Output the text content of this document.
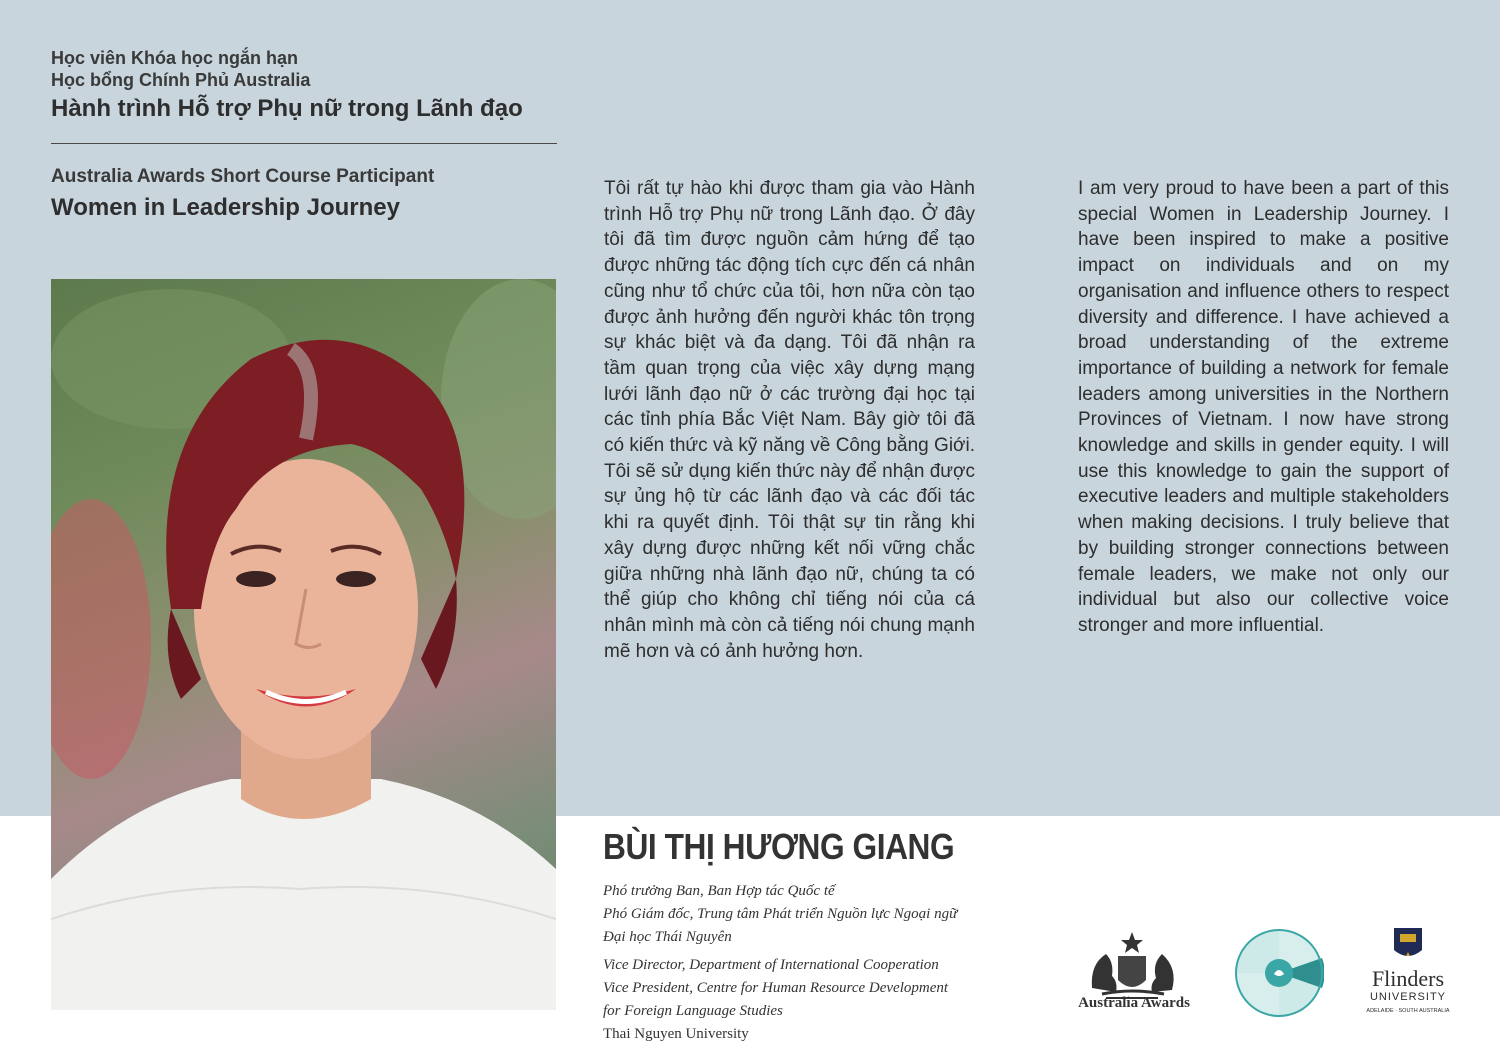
Học viên Khóa học ngắn hạn
Học bổng Chính Phủ Australia
Hành trình Hỗ trợ Phụ nữ trong Lãnh đạo
Australia Awards Short Course Participant
Women in Leadership Journey
Tôi rất tự hào khi được tham gia vào Hành trình Hỗ trợ Phụ nữ trong Lãnh đạo. Ở đây tôi đã tìm được nguồn cảm hứng để tạo được những tác động tích cực đến cá nhân cũng như tổ chức của tôi, hơn nữa còn tạo được ảnh hưởng đến người khác tôn trọng sự khác biệt và đa dạng. Tôi đã nhận ra tầm quan trọng của việc xây dựng mạng lưới lãnh đạo nữ ở các trường đại học tại các tỉnh phía Bắc Việt Nam. Bây giờ tôi đã có kiến thức và kỹ năng về Công bằng Giới. Tôi sẽ sử dụng kiến thức này để nhận được sự ủng hộ từ các lãnh đạo và các đối tác khi ra quyết định. Tôi thật sự tin rằng khi xây dựng được những kết nối vững chắc giữa những nhà lãnh đạo nữ, chúng ta có thể giúp cho không chỉ tiếng nói của cá nhân mình mà còn cả tiếng nói chung mạnh mẽ hơn và có ảnh hưởng hơn.
I am very proud to have been a part of this special Women in Leadership Journey. I have been inspired to make a positive impact on individuals and on my organisation and influence others to respect diversity and difference. I have achieved a broad understanding of the extreme importance of building a network for female leaders among universities in the Northern Provinces of Vietnam. I now have strong knowledge and skills in gender equity. I will use this knowledge to gain the support of executive leaders and multiple stakeholders when making decisions. I truly believe that by building stronger connections between female leaders, we make not only our individual but also our collective voice stronger and more influential.
BÙI THỊ HƯƠNG GIANG
Phó trưởng Ban, Ban Hợp tác Quốc tế
Phó Giám đốc, Trung tâm Phát triển Nguồn lực Ngoại ngữ
Đại học Thái Nguyên
Vice Director, Department of International Cooperation
Vice President, Centre for Human Resource Development
for Foreign Language Studies
Thai Nguyen University
Australia Awards
Flinders
UNIVERSITY
ADELAIDE · SOUTH AUSTRALIA
